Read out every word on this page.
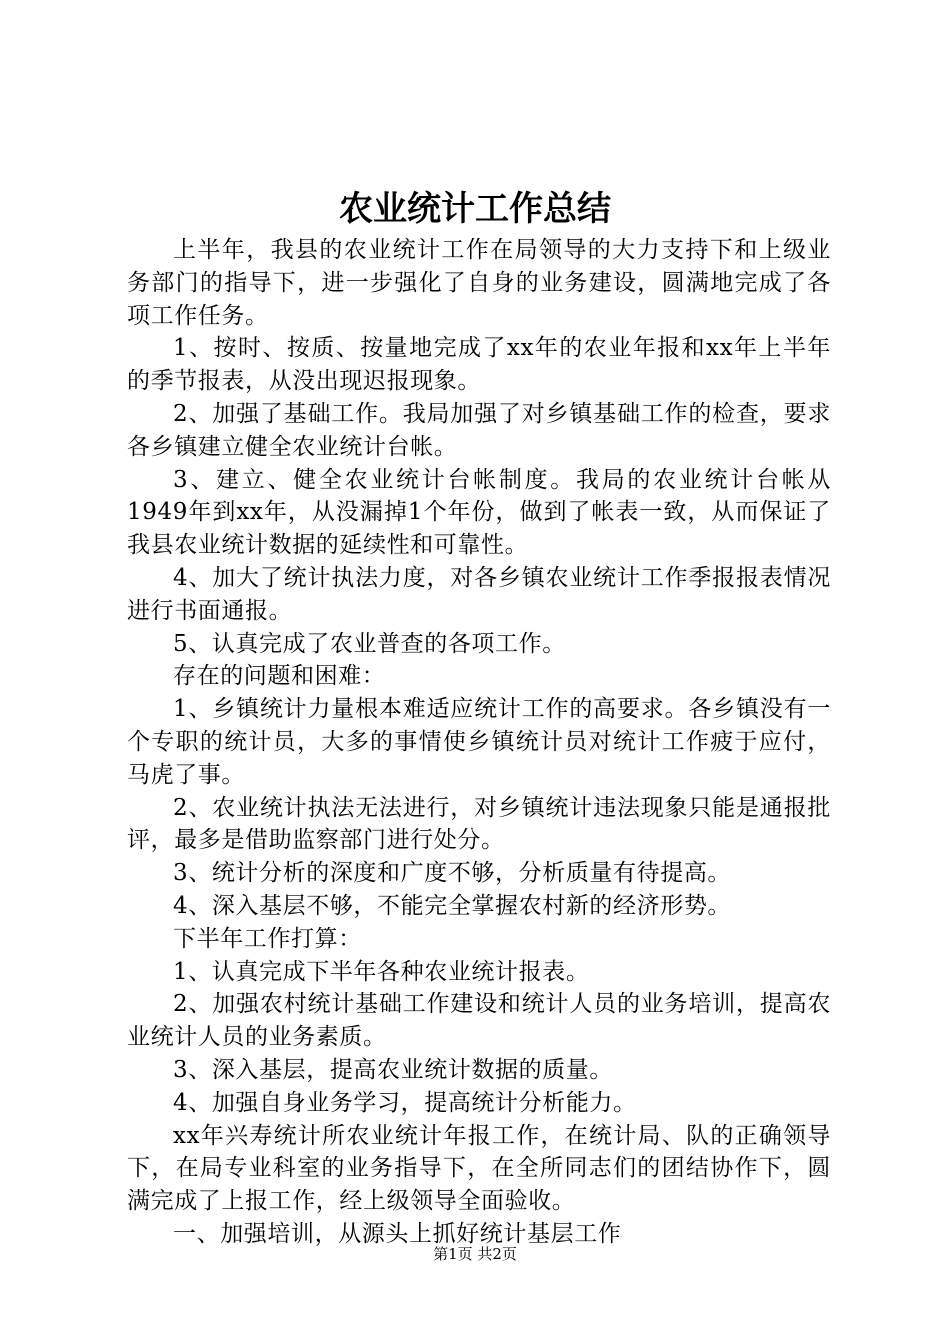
农业统计工作总结

上半年，我县的农业统计工作在局领导的大力支持下和上级业务部门的指导下，进一步强化了自身的业务建设，圆满地完成了各项工作任务。

1、按时、按质、按量地完成了xx年的农业年报和xx年上半年的季节报表，从没出现迟报现象。

2、加强了基础工作。我局加强了对乡镇基础工作的检查，要求各乡镇建立健全农业统计台帐。

3、建立、健全农业统计台帐制度。我局的农业统计台帐从1949年到xx年，从没漏掉1个年份，做到了帐表一致，从而保证了我县农业统计数据的延续性和可靠性。

4、加大了统计执法力度，对各乡镇农业统计工作季报报表情况进行书面通报。

5、认真完成了农业普查的各项工作。

存在的问题和困难：

1、乡镇统计力量根本难适应统计工作的高要求。各乡镇没有一个专职的统计员，大多的事情使乡镇统计员对统计工作疲于应付，马虎了事。

2、农业统计执法无法进行，对乡镇统计违法现象只能是通报批评，最多是借助监察部门进行处分。

3、统计分析的深度和广度不够，分析质量有待提高。

4、深入基层不够，不能完全掌握农村新的经济形势。

下半年工作打算：

1、认真完成下半年各种农业统计报表。

2、加强农村统计基础工作建设和统计人员的业务培训，提高农业统计人员的业务素质。

3、深入基层，提高农业统计数据的质量。

4、加强自身业务学习，提高统计分析能力。

xx年兴寿统计所农业统计年报工作，在统计局、队的正确领导下，在局专业科室的业务指导下，在全所同志们的团结协作下，圆满完成了上报工作，经上级领导全面验收。

一、加强培训，从源头上抓好统计基层工作

第1页 共2页
